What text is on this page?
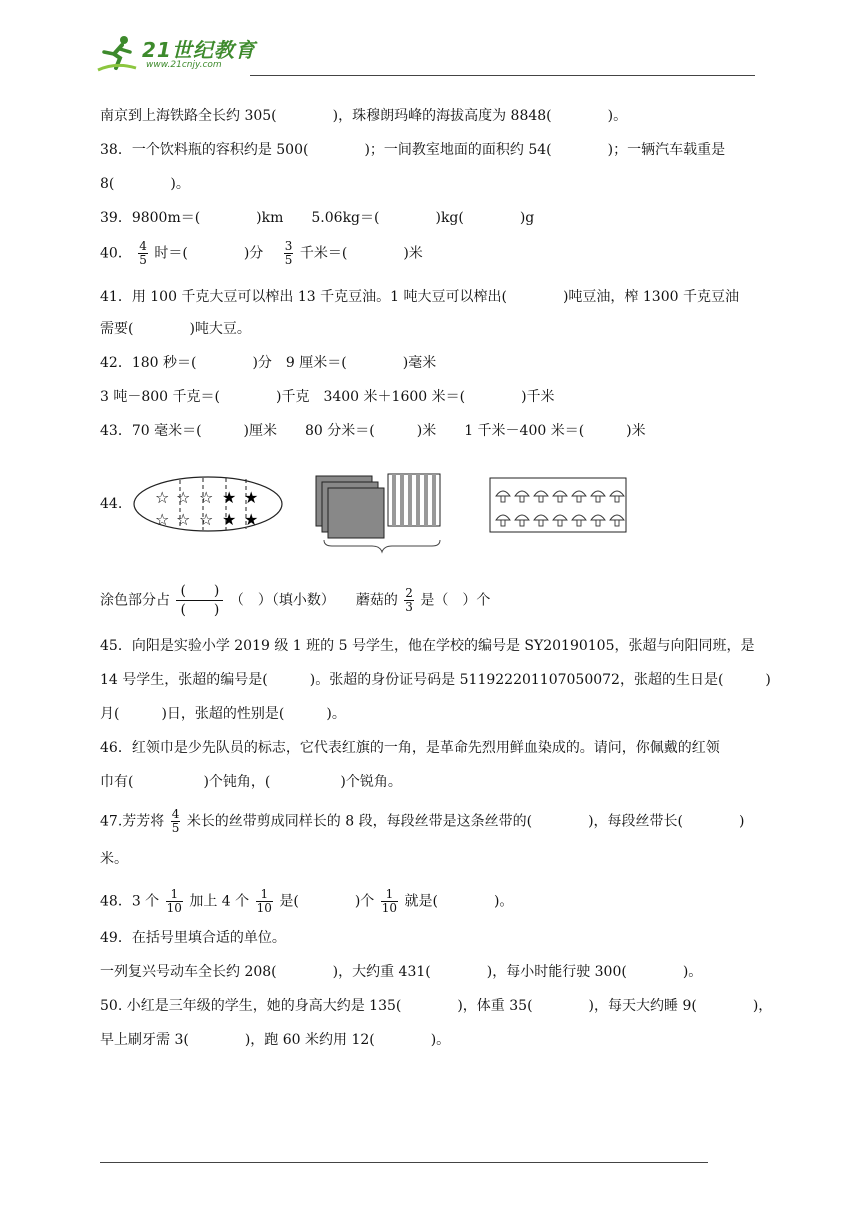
21世纪教育
www.21cnjy.com
南京到上海铁路全长约 305(　　　　)，珠穆朗玛峰的海拔高度为 8848(　　　　)。
38．一个饮料瓶的容积约是 500(　　　　)；一间教室地面的面积约 54(　　　　)；一辆汽车载重是
8(　　　　)。
39．9800m＝(　　　　)km　　5.06kg＝(　　　　)kg(　　　　)g
40． $\frac{4}{5}$ 时＝(　　　　)分　 $\frac{3}{5}$ 千米＝(　　　　)米
41．用 100 千克大豆可以榨出 13 千克豆油。1 吨大豆可以榨出(　　　　)吨豆油，榨 1300 千克豆油
需要(　　　　)吨大豆。
42．180 秒＝(　　　　)分　9 厘米＝(　　　　)毫米
3 吨－800 千克＝(　　　　)千克　3400 米＋1600 米＝(　　　　)千米
43．70 毫米＝(　　　)厘米　　80 分米＝(　　　)米　　1 千米－400 米＝(　　　)米
44. ☆ ☆ ☆ ★ ★
☆ ☆ ☆ ★ ★
涂色部分占 $\frac{( )}{( )}$ （　）（填小数）　　蘑菇的 $\frac{2}{3}$ 是（　）个
45．向阳是实验小学 2019 级 1 班的 5 号学生，他在学校的编号是 SY20190105，张超与向阳同班，是
14 号学生，张超的编号是(　　　)。张超的身份证号码是 511922201107050072，张超的生日是(　　　)
月(　　　)日，张超的性别是(　　　)。
46．红领巾是少先队员的标志，它代表红旗的一角，是革命先烈用鲜血染成的。请问，你佩戴的红领
巾有(　　　　　)个钝角，(　　　　　)个锐角。
47.芳芳将 $\frac{4}{5}$ 米长的丝带剪成同样长的 8 段，每段丝带是这条丝带的(　　　　)，每段丝带长(　　　　)
米。
48．3 个 $\frac{1}{10}$ 加上 4 个 $\frac{1}{10}$ 是(　　　　)个 $\frac{1}{10}$ 就是(　　　　)。
49．在括号里填合适的单位。
一列复兴号动车全长约 208(　　　　)，大约重 431(　　　　)，每小时能行驶 300(　　　　)。
50. 小红是三年级的学生，她的身高大约是 135(　　　　)，体重 35(　　　　)，每天大约睡 9(　　　　)，
早上刷牙需 3(　　　　)，跑 60 米约用 12(　　　　)。
